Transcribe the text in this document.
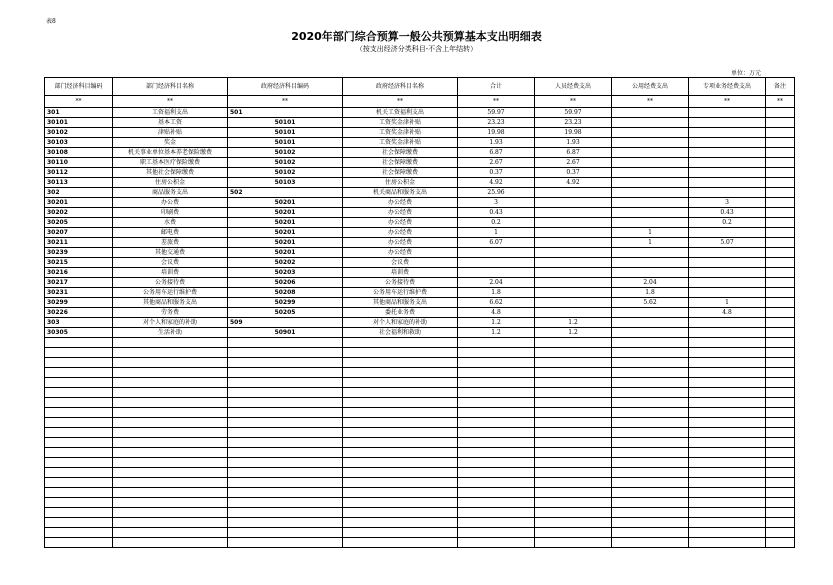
表8
2020年部门综合预算一般公共预算基本支出明细表
（按支出经济分类科目-不含上年结转）
单位：万元
部门经济科目编码	部门经济科目名称	政府经济科目编码	政府经济科目名称	合计	人员经费支出	公用经费支出	专项业务经费支出	备注
**	**	**	**	**	**	**	**	**
301	工资福利支出	501	机关工资福利支出	59.97	59.97			
30101	基本工资	50101	工资奖金津补贴	23.23	23.23			
30102	津贴补贴	50101	工资奖金津补贴	19.98	19.98			
30103	奖金	50101	工资奖金津补贴	1.93	1.93			
30108	机关事业单位基本养老保险缴费	50102	社会保障缴费	6.87	6.87			
30110	职工基本医疗保险缴费	50102	社会保障缴费	2.67	2.67			
30112	其他社会保障缴费	50102	社会保障缴费	0.37	0.37			
30113	住房公积金	50103	住房公积金	4.92	4.92			
302	商品服务支出	502	机关商品和服务支出	25.96				
30201	办公费	50201	办公经费	3			3	
30202	印刷费	50201	办公经费	0.43			0.43	
30205	水费	50201	办公经费	0.2			0.2	
30207	邮电费	50201	办公经费	1		1		
30211	差旅费	50201	办公经费	6.07		1	5.07	
30239	其他交通费	50201	办公经费					
30215	会议费	50202	会议费					
30216	培训费	50203	培训费					
30217	公务接待费	50206	公务接待费	2.04		2.04		
30231	公务用车运行维护费	50208	公务用车运行维护费	1.8		1.8		
30299	其他商品和服务支出	50299	其他商品和服务支出	6.62		5.62	1	
30226	劳务费	50205	委托业务费	4.8			4.8	
303	对个人和家庭的补助	509	对个人和家庭的补助	1.2	1.2			
30305	生活补助	50901	社会福利和救助	1.2	1.2			
